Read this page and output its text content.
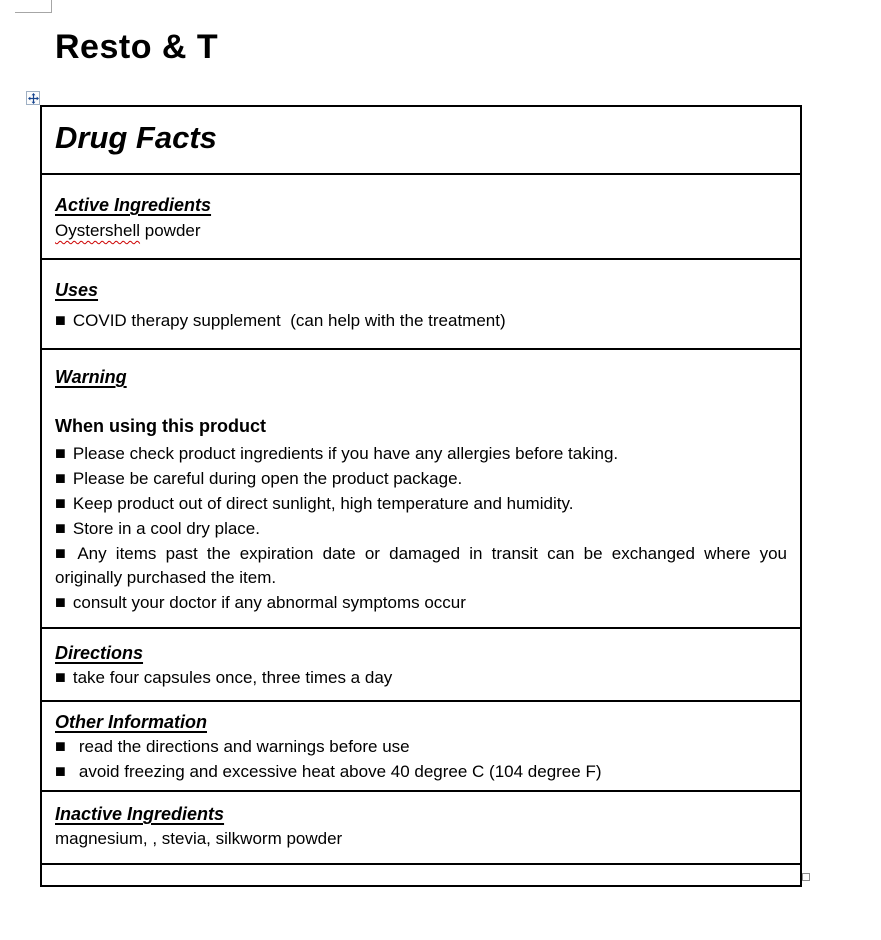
Resto & T
Drug Facts
Active Ingredients

Oystershell powder

Uses

■ COVID therapy supplement  (can help with the treatment)

Warning

When using this product

■ Please check product ingredients if you have any allergies before taking.

■ Please be careful during open the product package.

■ Keep product out of direct sunlight, high temperature and humidity.

■ Store in a cool dry place.

■ Any items past the expiration date or damaged in transit can be exchanged where you originally purchased the item.

■ consult your doctor if any abnormal symptoms occur

Directions

■ take four capsules once, three times a day

Other Information

■ read the directions and warnings before use

■ avoid freezing and excessive heat above 40 degree C (104 degree F)

Inactive Ingredients

magnesium, , stevia, silkworm powder
